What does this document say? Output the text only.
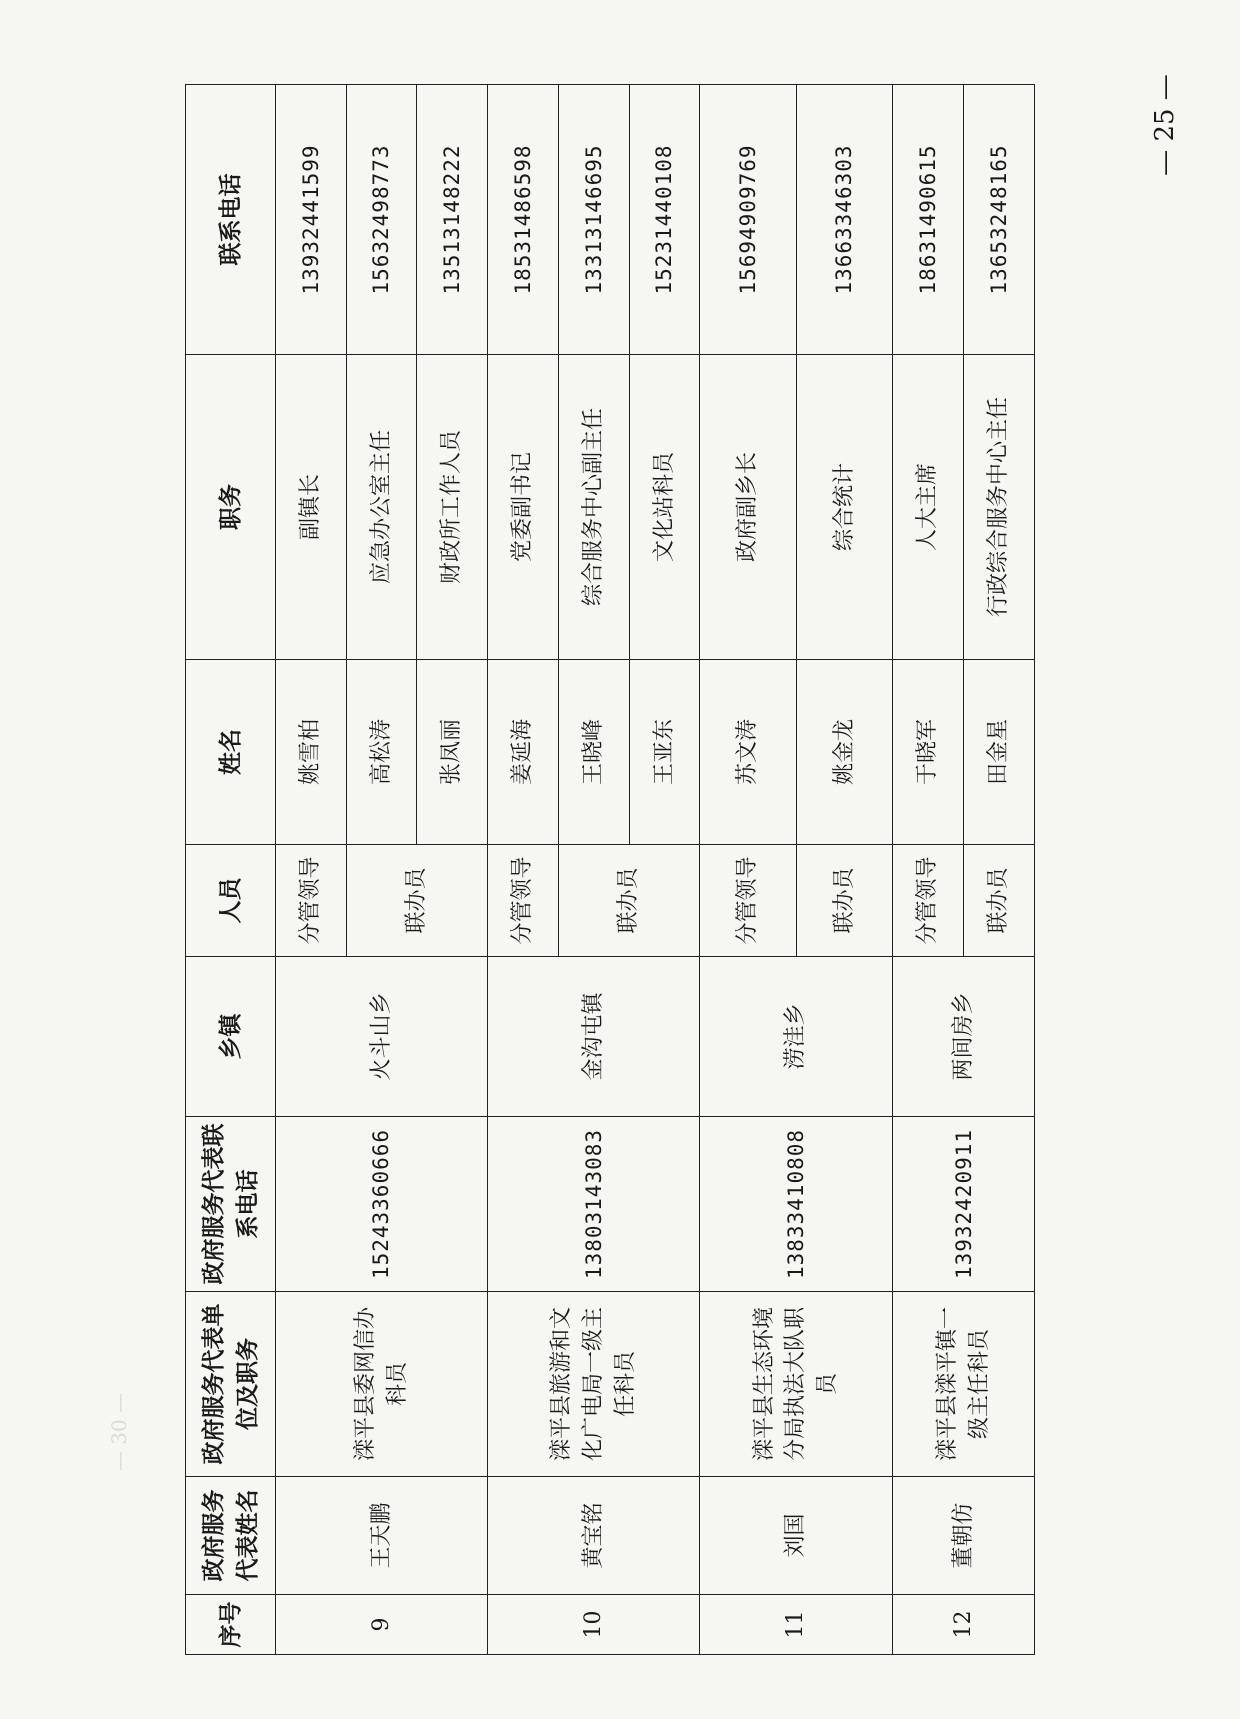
— 30 —
— 25 —
序号	政府服务代表姓名	政府服务代表单位及职务	政府服务代表联系电话	乡镇	人员	姓名	职务	联系电话
9	王天鹏	滦平县委网信办科员	15243360666	火斗山乡	分管领导	姚雪柏	副镇长	13932441599
					联办员	高松涛	应急办公室主任	15632498773
						张凤丽	财政所工作人员	13513148222
10	黄宝铭	滦平县旅游和文化广电局一级主任科员	13803143083	金沟屯镇	分管领导	姜延海	党委副书记	18531486598
					联办员	王晓峰	综合服务中心副主任	13313146695
						王亚东	文化站科员	15231440108
11	刘国	滦平县生态环境分局执法大队职员	13833410808	涝洼乡	分管领导	苏文涛	政府副乡长	15694909769
					联办员	姚金龙	综合统计	13663346303
12	董朝仿	滦平县滦平镇一级主任科员	13932420911	两间房乡	分管领导	于晓军	人大主席	18631490615
					联办员	田金星	行政综合服务中心主任	13653248165
